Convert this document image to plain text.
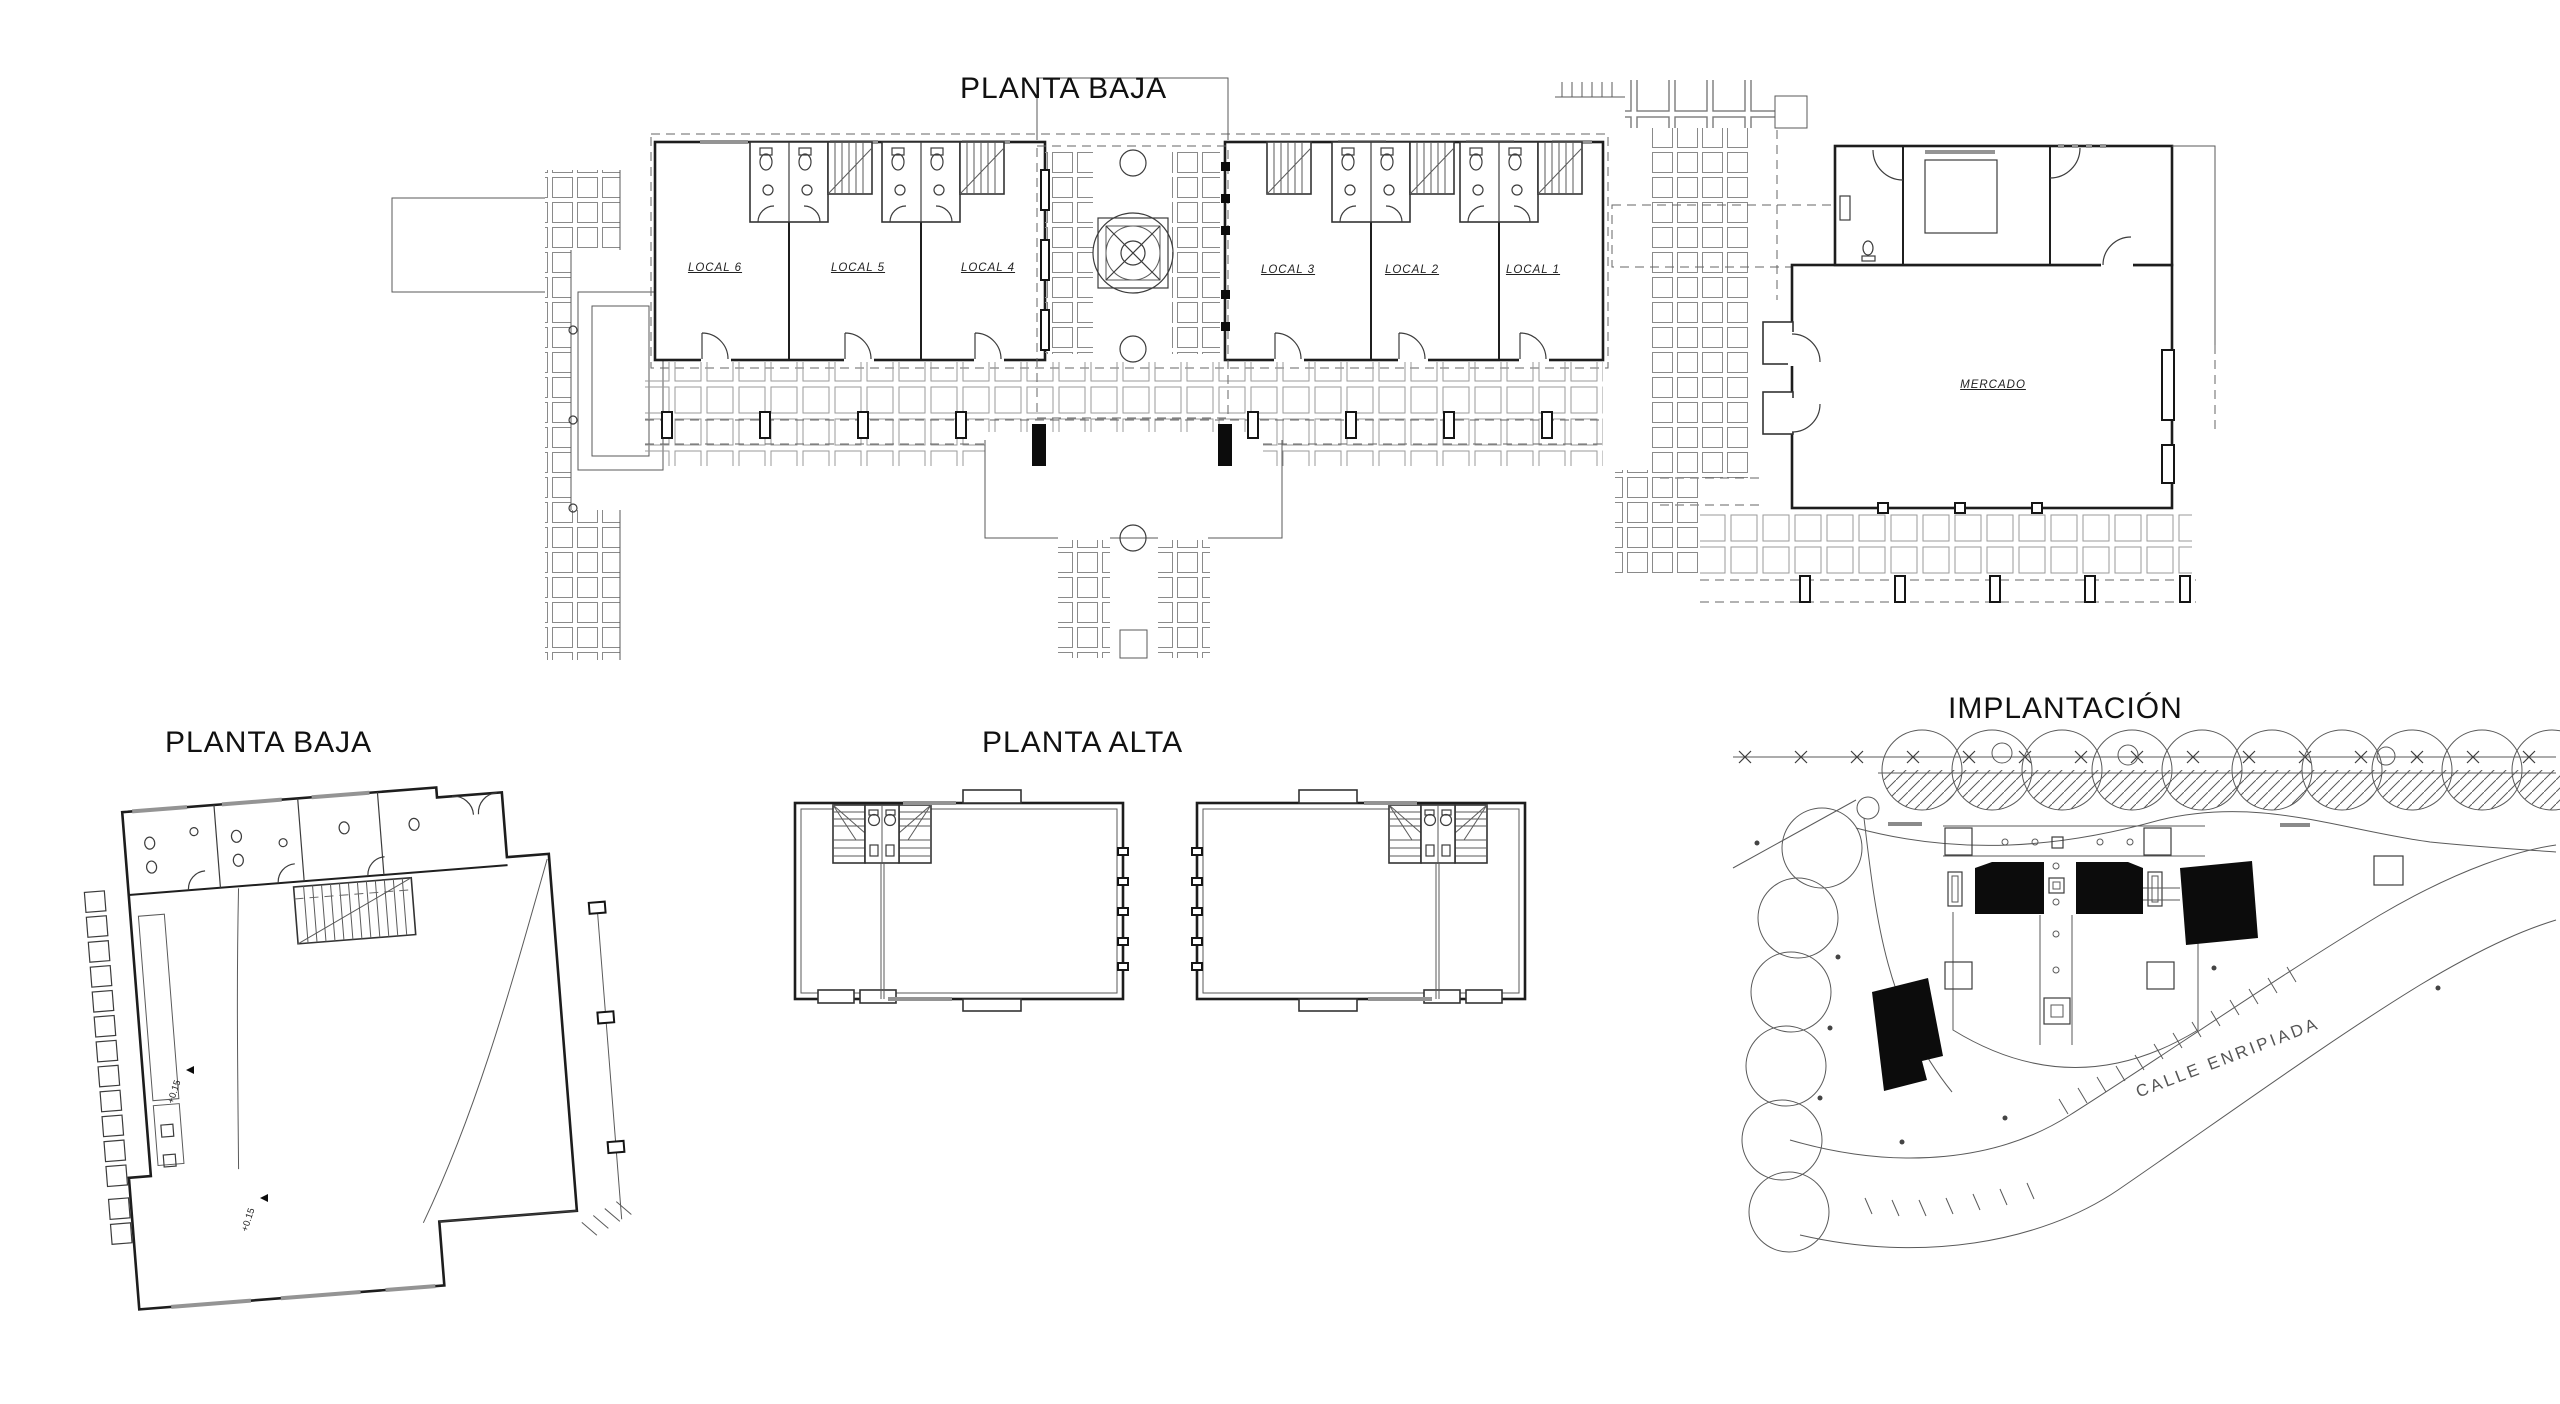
PLANTA BAJA
LOCAL 6	LOCAL 5	LOCAL 4	LOCAL 3	LOCAL 2	LOCAL 1
MERCADO
PLANTA BAJA	PLANTA ALTA
IMPLANTACIÓN
CALLE ENRIPIADA
+0.15
+0.15
